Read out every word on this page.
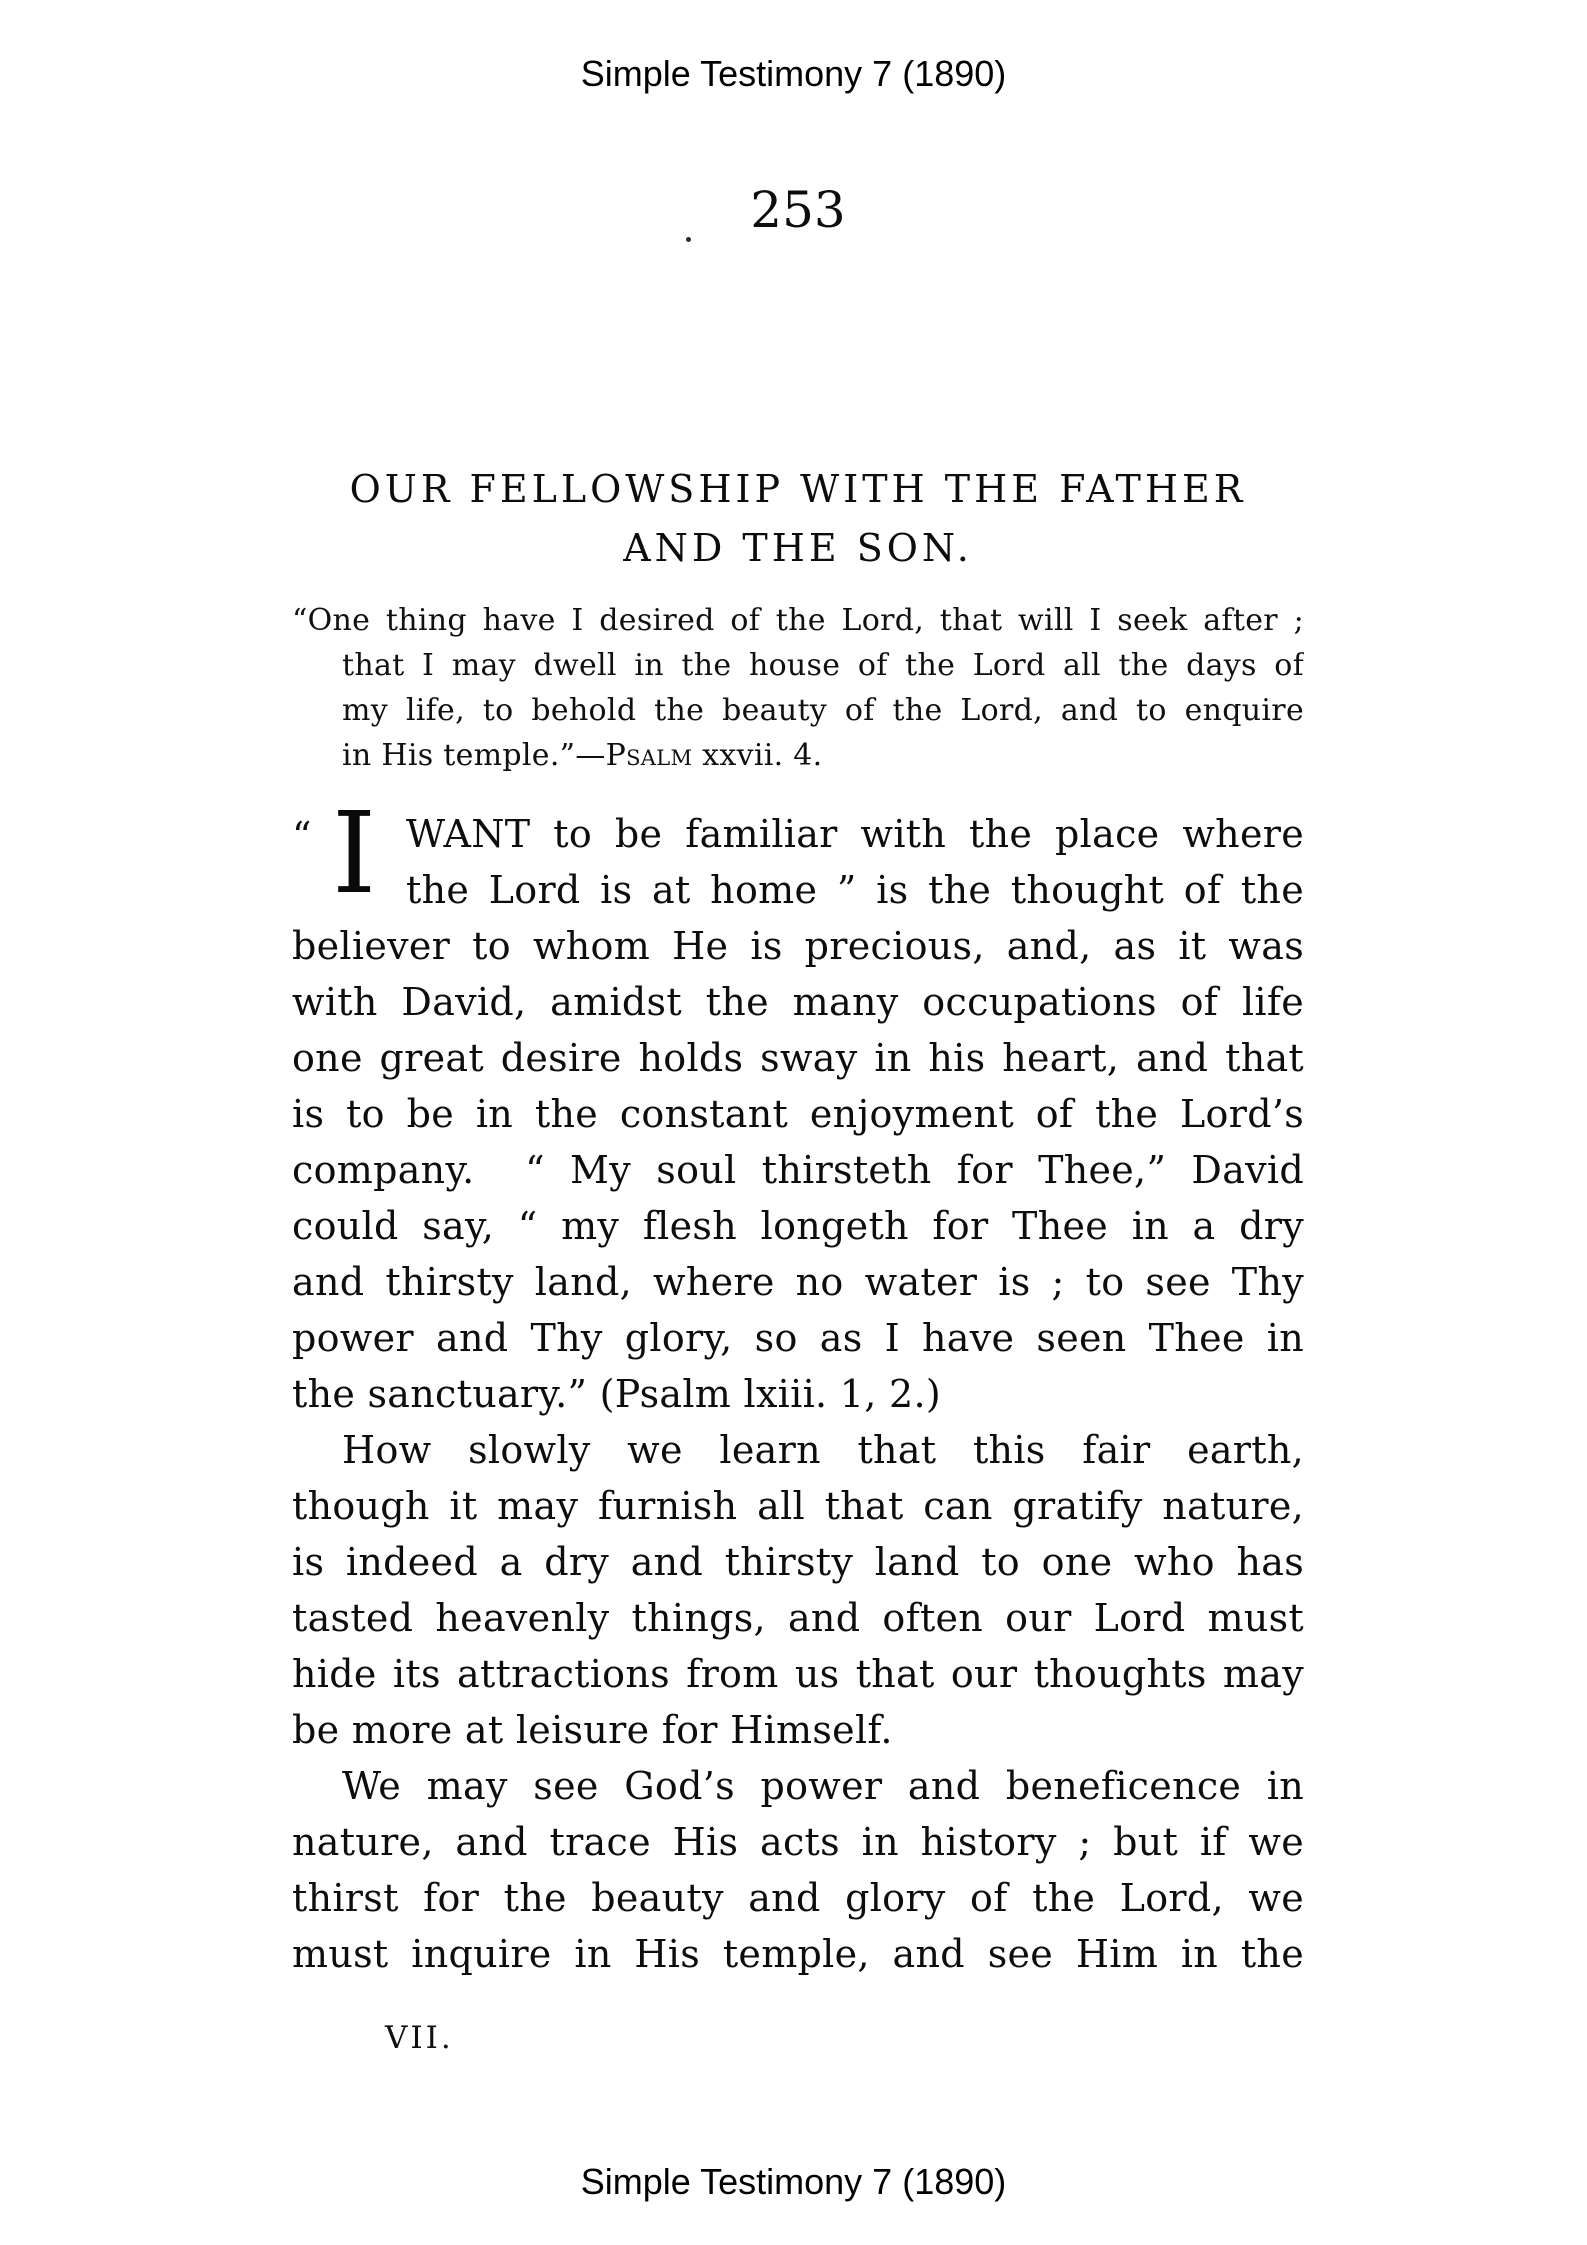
Simple Testimony 7 (1890)
253
OUR FELLOWSHIP WITH THE FATHER
AND THE SON.
“One thing have I desired of the Lord, that will I seek after ;
that I may dwell in the house of the Lord all the days of
my life, to behold the beauty of the Lord, and to enquire
in His temple.”—Psalm xxvii. 4.
“ I WANT to be familiar with the place where
the Lord is at home ” is the thought of the
believer to whom He is precious, and, as it was
with David, amidst the many occupations of life
one great desire holds sway in his heart, and that
is to be in the constant enjoyment of the Lord’s
company.  “ My soul thirsteth for Thee,” David
could say, “ my flesh longeth for Thee in a dry
and thirsty land, where no water is ; to see Thy
power and Thy glory, so as I have seen Thee in
the sanctuary.” (Psalm lxiii. 1, 2.)
How slowly we learn that this fair earth,
though it may furnish all that can gratify nature,
is indeed a dry and thirsty land to one who has
tasted heavenly things, and often our Lord must
hide its attractions from us that our thoughts may
be more at leisure for Himself.
We may see God’s power and beneficence in
nature, and trace His acts in history ; but if we
thirst for the beauty and glory of the Lord, we
must inquire in His temple, and see Him in the
VII.
Simple Testimony 7 (1890)
